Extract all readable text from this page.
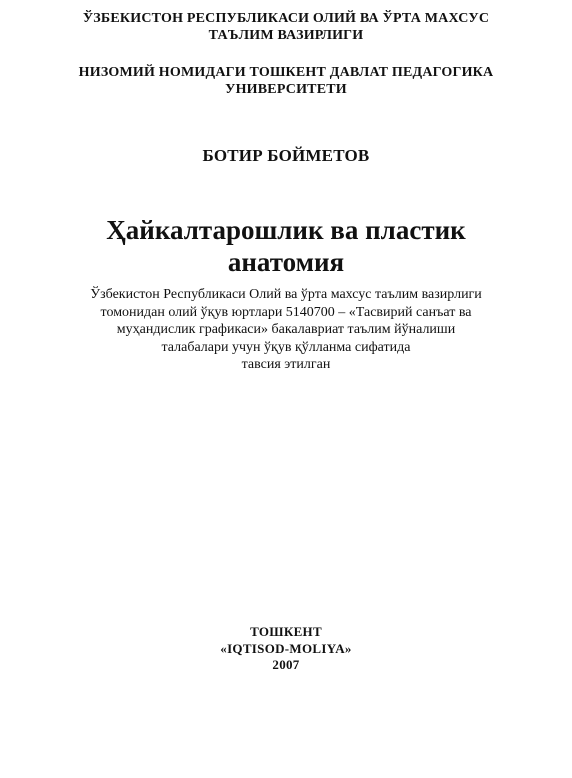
ЎЗБЕКИСТОН РЕСПУБЛИКАСИ ОЛИЙ ВА ЎРТА МАХСУС
ТАЪЛИМ ВАЗИРЛИГИ
НИЗОМИЙ НОМИДАГИ ТОШКЕНТ ДАВЛАТ ПЕДАГОГИКА
УНИВЕРСИТЕТИ
БОТИР БОЙМЕТОВ
Ҳайкалтарошлик ва пластик
анатомия
Ўзбекистон Республикаси Олий ва ўрта махсус таълим вазирлиги
томонидан олий ўқув юртлари 5140700 – «Тасвирий санъат ва
муҳандислик графикаси» бакалавриат таълим йўналиши
талабалари учун ўқув қўлланма сифатида
тавсия этилган
ТОШКЕНТ
«IQTISOD-MOLIYA»
2007
